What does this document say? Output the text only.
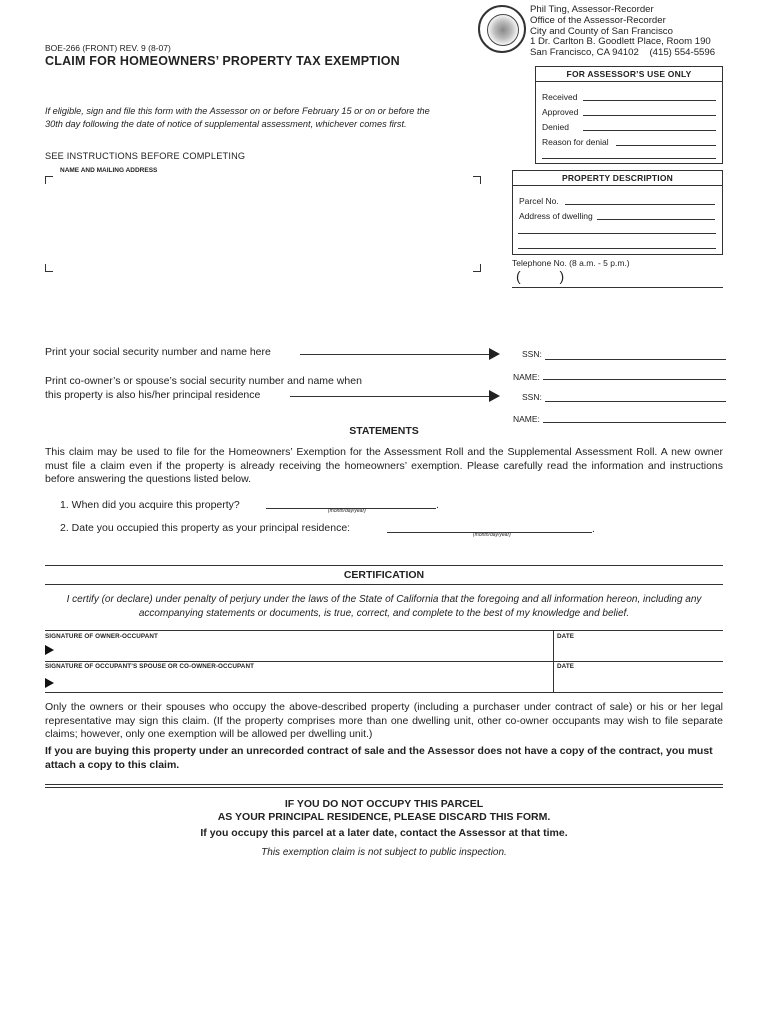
Phil Ting, Assessor-Recorder
Office of the Assessor-Recorder
City and County of San Francisco
1 Dr. Carlton B. Goodlett Place, Room 190
San Francisco, CA 94102    (415) 554-5596
BOE-266 (FRONT) REV. 9 (8-07)
CLAIM FOR HOMEOWNERS’ PROPERTY TAX EXEMPTION
FOR ASSESSOR’S USE ONLY
Received
Approved
Denied
Reason for denial
PROPERTY DESCRIPTION
Parcel No.
Address of dwelling
If eligible, sign and file this form with the Assessor on or before February 15 or on or before the 30th day following the date of notice of supplemental assessment, whichever comes first.
SEE INSTRUCTIONS BEFORE COMPLETING
NAME AND MAILING ADDRESS
Telephone No. (8 a.m. - 5 p.m.)
(          )
Print your social security number and name here	SSN:
NAME:
Print co-owner’s or spouse’s social security number and name when
this property is also his/her principal residence	SSN:
NAME:
STATEMENTS
This claim may be used to file for the Homeowners’ Exemption for the Assessment Roll and the Supplemental Assessment Roll. A new owner must file a claim even if the property is already receiving the homeowners’ exemption. Please carefully read the information and instructions before answering the questions listed below.
1. When did you acquire this property?	.
(month/day/year)
2. Date you occupied this property as your principal residence:	.
(month/day/year)
CERTIFICATION
I certify (or declare) under penalty of perjury under the laws of the State of California that the foregoing and all information hereon, including any accompanying statements or documents, is true, correct, and complete to the best of my knowledge and belief.
SIGNATURE OF OWNER-OCCUPANT	DATE
SIGNATURE OF OCCUPANT’S SPOUSE OR CO-OWNER-OCCUPANT	DATE
Only the owners or their spouses who occupy the above-described property (including a purchaser under contract of sale) or his or her legal representative may sign this claim. (If the property comprises more than one dwelling unit, other co-owner occupants may wish to file separate claims; however, only one exemption will be allowed per dwelling unit.)
If you are buying this property under an unrecorded contract of sale and the Assessor does not have a copy of the contract, you must attach a copy to this claim.
IF YOU DO NOT OCCUPY THIS PARCEL
AS YOUR PRINCIPAL RESIDENCE, PLEASE DISCARD THIS FORM.
If you occupy this parcel at a later date, contact the Assessor at that time.
This exemption claim is not subject to public inspection.
